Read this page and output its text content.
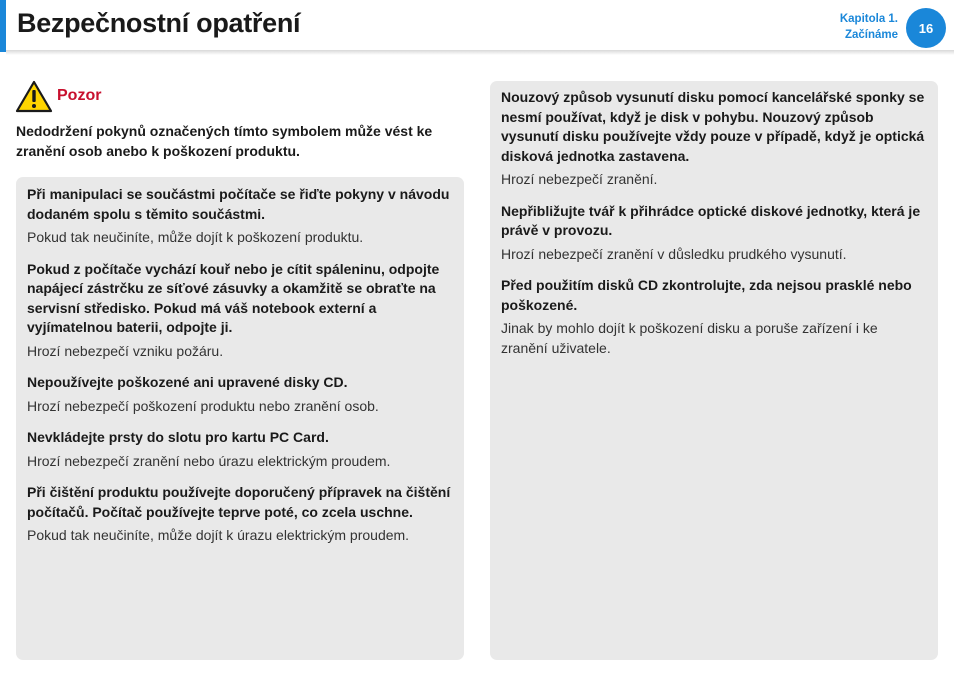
Bezpečnostní opatření	Kapitola 1.
Začínáme	16
Pozor
Nedodržení pokynů označených tímto symbolem může vést ke zranění osob anebo k poškození produktu.
Při manipulaci se součástmi počítače se řiďte pokyny v návodu dodaném spolu s těmito součástmi.
Pokud tak neučiníte, může dojít k poškození produktu.
Pokud z počítače vychází kouř nebo je cítit spáleninu, odpojte napájecí zástrčku ze síťové zásuvky a okamžitě se obraťte na servisní středisko. Pokud má váš notebook externí a vyjímatelnou baterii, odpojte ji.
Hrozí nebezpečí vzniku požáru.
Nepoužívejte poškozené ani upravené disky CD.
Hrozí nebezpečí poškození produktu nebo zranění osob.
Nevkládejte prsty do slotu pro kartu PC Card.
Hrozí nebezpečí zranění nebo úrazu elektrickým proudem.
Při čištění produktu používejte doporučený přípravek na čištění počítačů. Počítač používejte teprve poté, co zcela uschne.
Pokud tak neučiníte, může dojít k úrazu elektrickým proudem.
Nouzový způsob vysunutí disku pomocí kancelářské sponky se nesmí používat, když je disk v pohybu. Nouzový způsob vysunutí disku používejte vždy pouze v případě, když je optická disková jednotka zastavena.
Hrozí nebezpečí zranění.
Nepřibližujte tvář k přihrádce optické diskové jednotky, která je právě v provozu.
Hrozí nebezpečí zranění v důsledku prudkého vysunutí.
Před použitím disků CD zkontrolujte, zda nejsou prasklé nebo poškozené.
Jinak by mohlo dojít k poškození disku a poruše zařízení i ke zranění uživatele.
